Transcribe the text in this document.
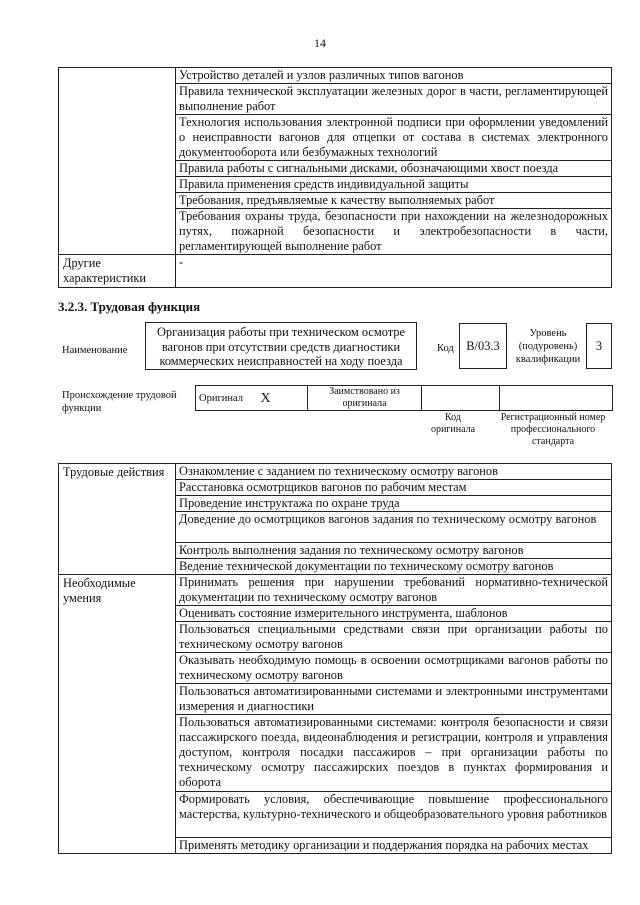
14
	Устройство деталей и узлов различных типов вагонов
	Правила технической эксплуатации железных дорог в части, регламентирующей выполнение работ
	Технология использования электронной подписи при оформлении уведомлений о неисправности вагонов для отцепки от состава в системах электронного документооборота или безбумажных технологий
	Правила работы с сигнальными дисками, обозначающими хвост поезда
	Правила применения средств индивидуальной защиты
	Требования, предъявляемые к качеству выполняемых работ
	Требования охраны труда, безопасности при нахождении на железнодорожных путях, пожарной безопасности и электробезопасности в части, регламентирующей выполнение работ
Другие характеристики	-
3.2.3. Трудовая функция
Наименование
Организация работы при техническом осмотре вагонов при отсутствии средств диагностики коммерческих неисправностей на ходу поезда
Код	B/03.3
Уровень (подуровень) квалификации
3
Происхождение трудовой функции
Оригинал	X	Заимствовано из оригинала		
Код оригинала
Регистрационный номер профессионального стандарта
Трудовые действия	Ознакомление с заданием по техническому осмотру вагонов
	Расстановка осмотрщиков вагонов по рабочим местам
	Проведение инструктажа по охране труда
	Доведение до осмотрщиков вагонов задания по техническому осмотру вагонов
	Контроль выполнения задания по техническому осмотру вагонов
	Ведение технической документации по техническому осмотру вагонов
Необходимые умения	Принимать решения при нарушении требований нормативно-технической документации по техническому осмотру вагонов
	Оценивать состояние измерительного инструмента, шаблонов
	Пользоваться специальными средствами связи при организации работы по техническому осмотру вагонов
	Оказывать необходимую помощь в освоении осмотрщиками вагонов работы по техническому осмотру вагонов
	Пользоваться автоматизированными системами и электронными инструментами измерения и диагностики
	Пользоваться автоматизированными системами: контроля безопасности и связи пассажирского поезда, видеонаблюдения и регистрации, контроля и управления доступом, контроля посадки пассажиров – при организации работы по техническому осмотру пассажирских поездов в пунктах формирования и оборота
	Формировать условия, обеспечивающие повышение профессионального мастерства, культурно-технического и общеобразовательного уровня работников
	Применять методику организации и поддержания порядка на рабочих местах
